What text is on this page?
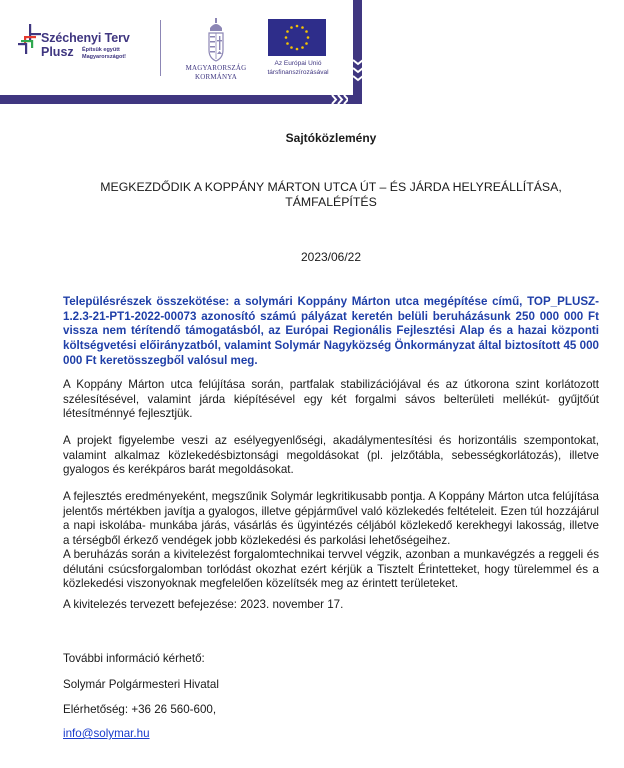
Széchenyi Terv
Plusz Építsük együtt
Magyarországot!
MAGYARORSZÁG
KORMÁNYA
Az Európai Unió
társfinanszírozásával
Sajtóközlemény
MEGKEZDŐDIK A KOPPÁNY MÁRTON UTCA ÚT – ÉS JÁRDA HELYREÁLLÍTÁSA,
TÁMFALÉPÍTÉS
2023/06/22
Településrészek összekötése: a solymári Koppány Márton utca megépítése című, TOP_PLUSZ-1.2.3-21-PT1-2022-00073 azonosító számú pályázat keretén belüli beruházásunk 250 000 000 Ft vissza nem térítendő támogatásból, az Európai Regionális Fejlesztési Alap és a hazai központi költségvetési előirányzatból, valamint Solymár Nagyközség Önkormányzat által biztosított 45 000 000 Ft keretösszegből valósul meg.
A Koppány Márton utca felújítása során, partfalak stabilizációjával és az útkorona szint korlátozott szélesítésével, valamint járda kiépítésével egy két forgalmi sávos belterületi mellékút- gyűjtőút létesítménnyé fejlesztjük.
A projekt figyelembe veszi az esélyegyenlőségi, akadálymentesítési és horizontális szempontokat, valamint alkalmaz közlekedésbiztonsági megoldásokat (pl. jelzőtábla, sebességkorlátozás), illetve gyalogos és kerékpáros barát megoldásokat.
A fejlesztés eredményeként, megszűnik Solymár legkritikusabb pontja. A Koppány Márton utca felújítása jelentős mértékben javítja a gyalogos, illetve gépjárművel való közlekedés feltételeit. Ezen túl hozzájárul a napi iskolába- munkába járás, vásárlás és ügyintézés céljából közlekedő kerekhegyi lakosság, illetve a térségből érkező vendégek jobb közlekedési és parkolási lehetőségeihez.
A beruházás során a kivitelezést forgalomtechnikai tervvel végzik, azonban a munkavégzés a reggeli és délutáni csúcsforgalomban torlódást okozhat ezért kérjük a Tisztelt Érintetteket, hogy türelemmel és a közlekedési viszonyoknak megfelelően közelítsék meg az érintett területeket.
A kivitelezés tervezett befejezése: 2023. november 17.
További információ kérhető:
Solymár Polgármesteri Hivatal
Elérhetőség: +36 26 560-600,
info@solymar.hu
